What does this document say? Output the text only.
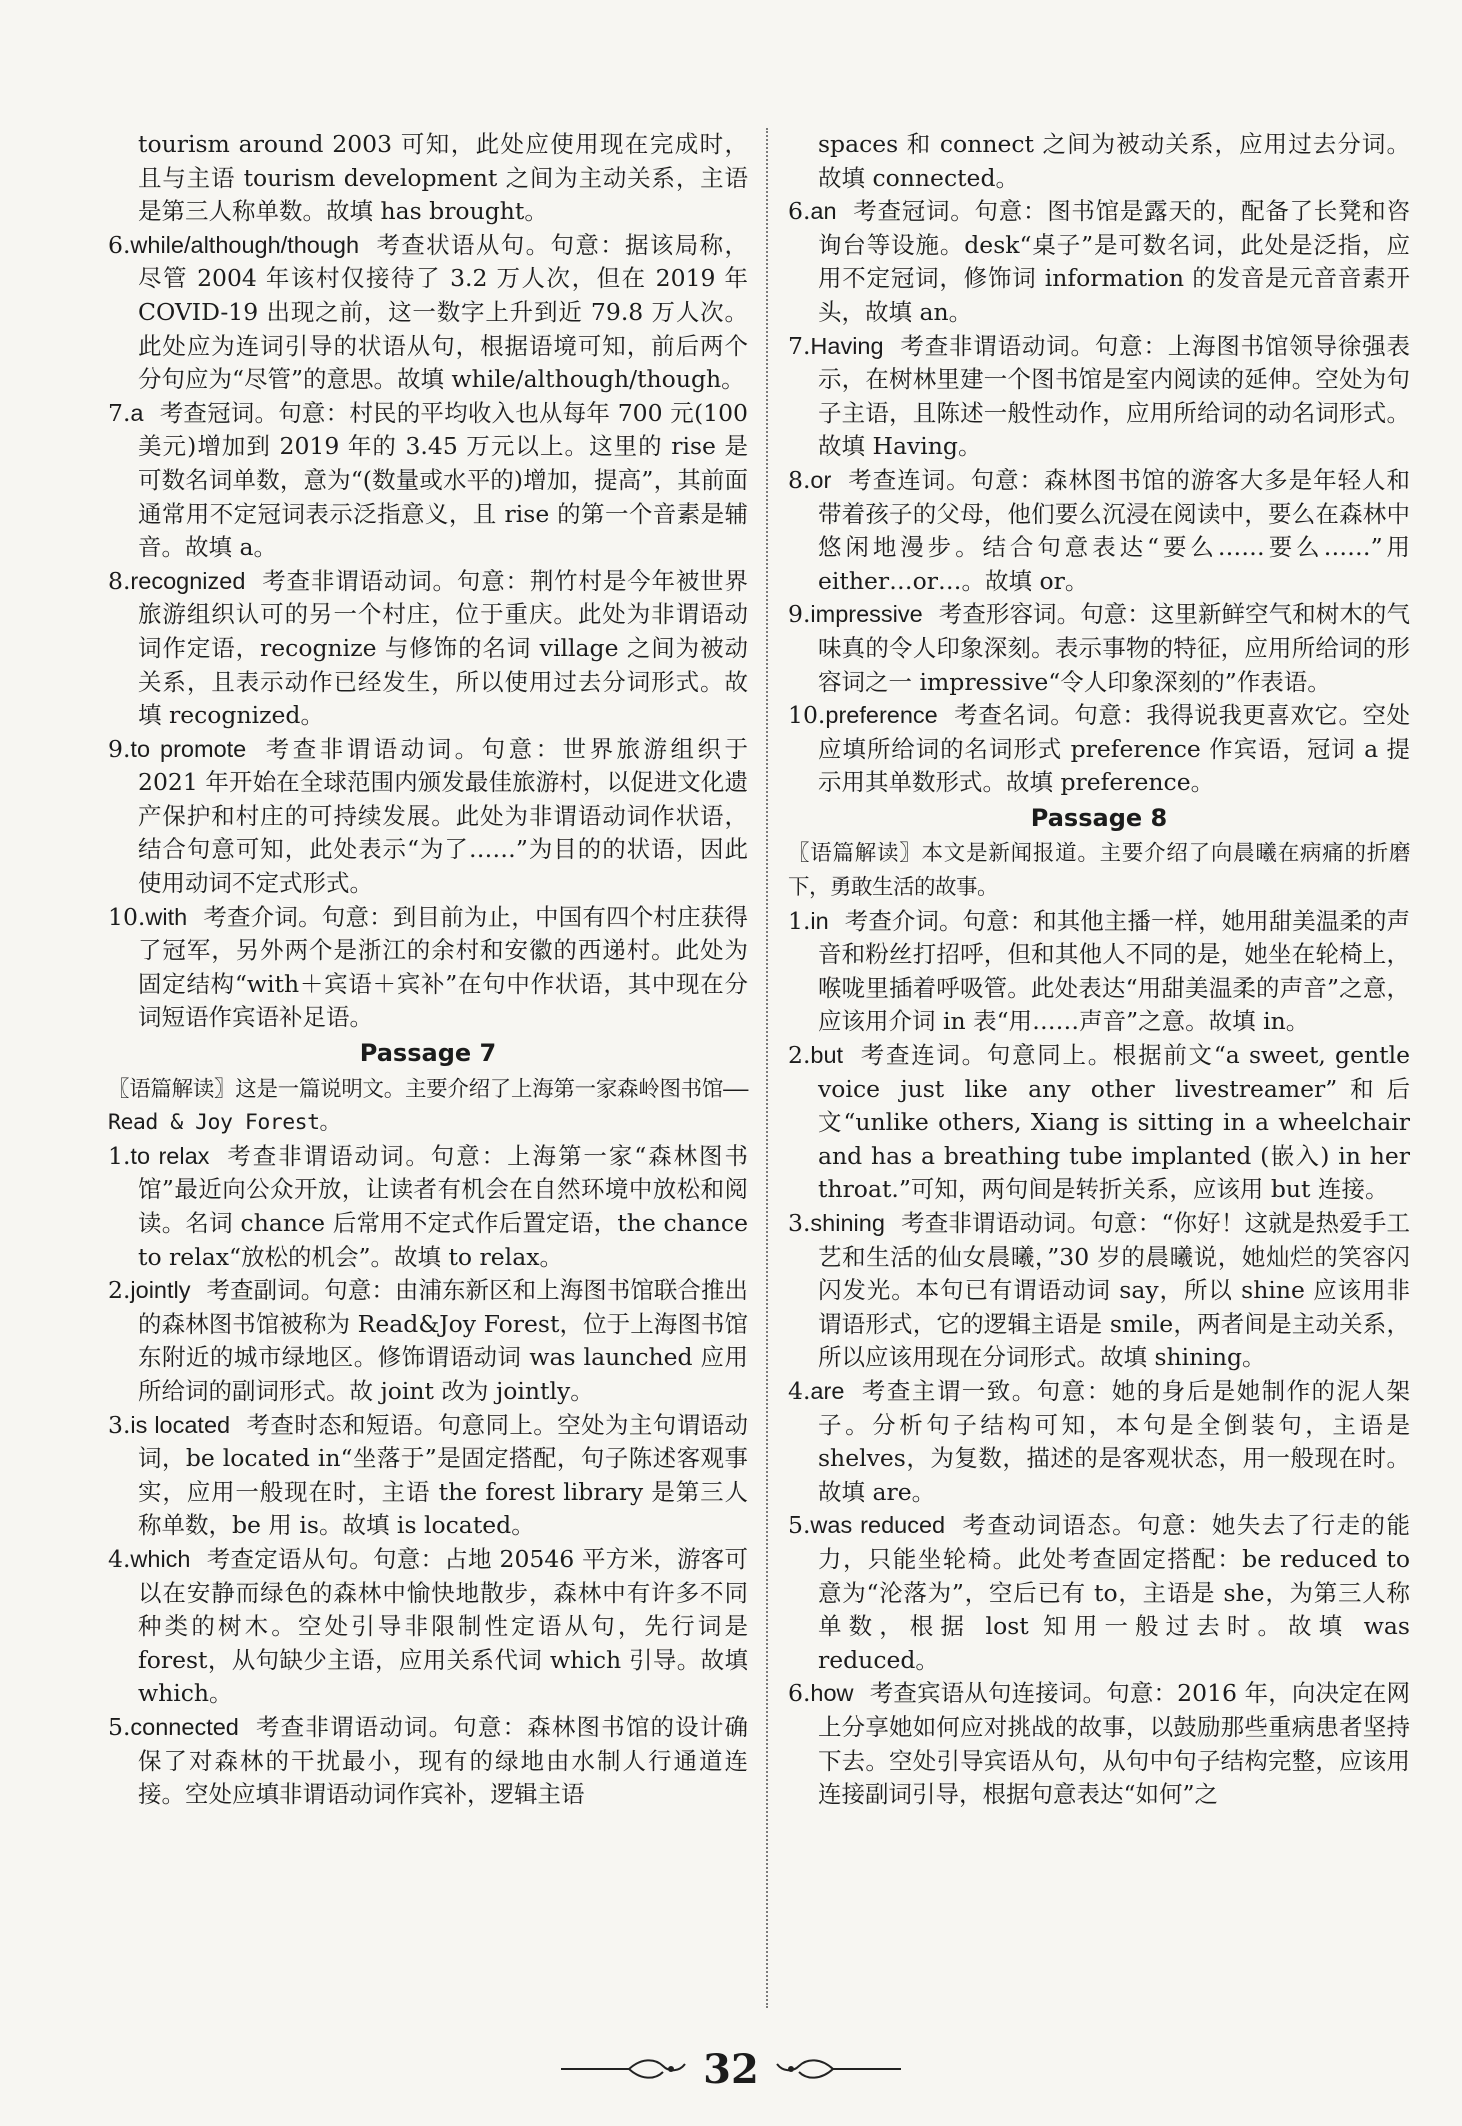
tourism around 2003 可知，此处应使用现在完成时，且与主语 tourism development 之间为主动关系，主语是第三人称单数。故填 has brought。

6.while/although/though 考查状语从句。句意：据该局称，尽管 2004 年该村仅接待了 3.2 万人次，但在 2019 年 COVID-19 出现之前，这一数字上升到近 79.8 万人次。此处应为连词引导的状语从句，根据语境可知，前后两个分句应为“尽管”的意思。故填 while/although/though。

7.a 考查冠词。句意：村民的平均收入也从每年 700 元(100 美元)增加到 2019 年的 3.45 万元以上。这里的 rise 是可数名词单数，意为“(数量或水平的)增加，提高”，其前面通常用不定冠词表示泛指意义，且 rise 的第一个音素是辅音。故填 a。

8.recognized 考查非谓语动词。句意：荆竹村是今年被世界旅游组织认可的另一个村庄，位于重庆。此处为非谓语动词作定语，recognize 与修饰的名词 village 之间为被动关系，且表示动作已经发生，所以使用过去分词形式。故填 recognized。

9.to promote 考查非谓语动词。句意：世界旅游组织于 2021 年开始在全球范围内颁发最佳旅游村，以促进文化遗产保护和村庄的可持续发展。此处为非谓语动词作状语，结合句意可知，此处表示“为了……”为目的的状语，因此使用动词不定式形式。

10.with 考查介词。句意：到目前为止，中国有四个村庄获得了冠军，另外两个是浙江的余村和安徽的西递村。此处为固定结构“with＋宾语＋宾补”在句中作状语，其中现在分词短语作宾语补足语。

Passage 7

〖语篇解读〗这是一篇说明文。主要介绍了上海第一家森岭图书馆——Read & Joy Forest。

1.to relax 考查非谓语动词。句意：上海第一家“森林图书馆”最近向公众开放，让读者有机会在自然环境中放松和阅读。名词 chance 后常用不定式作后置定语，the chance to relax“放松的机会”。故填 to relax。

2.jointly 考查副词。句意：由浦东新区和上海图书馆联合推出的森林图书馆被称为 Read&Joy Forest，位于上海图书馆东附近的城市绿地区。修饰谓语动词 was launched 应用所给词的副词形式。故 joint 改为 jointly。

3.is located 考查时态和短语。句意同上。空处为主句谓语动词，be located in“坐落于”是固定搭配，句子陈述客观事实，应用一般现在时，主语 the forest library 是第三人称单数，be 用 is。故填 is located。

4.which 考查定语从句。句意：占地 20546 平方米，游客可以在安静而绿色的森林中愉快地散步，森林中有许多不同种类的树木。空处引导非限制性定语从句，先行词是 forest，从句缺少主语，应用关系代词 which 引导。故填 which。

5.connected 考查非谓语动词。句意：森林图书馆的设计确保了对森林的干扰最小，现有的绿地由水制人行通道连接。空处应填非谓语动词作宾补，逻辑主语

spaces 和 connect 之间为被动关系，应用过去分词。故填 connected。

6.an 考查冠词。句意：图书馆是露天的，配备了长凳和咨询台等设施。desk“桌子”是可数名词，此处是泛指，应用不定冠词，修饰词 information 的发音是元音音素开头，故填 an。

7.Having 考查非谓语动词。句意：上海图书馆领导徐强表示，在树林里建一个图书馆是室内阅读的延伸。空处为句子主语，且陈述一般性动作，应用所给词的动名词形式。故填 Having。

8.or 考查连词。句意：森林图书馆的游客大多是年轻人和带着孩子的父母，他们要么沉浸在阅读中，要么在森林中悠闲地漫步。结合句意表达“要么……要么……”用 either…or…。故填 or。

9.impressive 考查形容词。句意：这里新鲜空气和树木的气味真的令人印象深刻。表示事物的特征，应用所给词的形容词之一 impressive“令人印象深刻的”作表语。

10.preference 考查名词。句意：我得说我更喜欢它。空处应填所给词的名词形式 preference 作宾语，冠词 a 提示用其单数形式。故填 preference。

Passage 8

〖语篇解读〗本文是新闻报道。主要介绍了向晨曦在病痛的折磨下，勇敢生活的故事。

1.in 考查介词。句意：和其他主播一样，她用甜美温柔的声音和粉丝打招呼，但和其他人不同的是，她坐在轮椅上，喉咙里插着呼吸管。此处表达“用甜美温柔的声音”之意，应该用介词 in 表“用……声音”之意。故填 in。

2.but 考查连词。句意同上。根据前文“a sweet, gentle voice just like any other livestreamer”和后文“unlike others, Xiang is sitting in a wheelchair and has a breathing tube implanted (嵌入) in her throat.”可知，两句间是转折关系，应该用 but 连接。

3.shining 考查非谓语动词。句意：“你好！这就是热爱手工艺和生活的仙女晨曦，”30 岁的晨曦说，她灿烂的笑容闪闪发光。本句已有谓语动词 say，所以 shine 应该用非谓语形式，它的逻辑主语是 smile，两者间是主动关系，所以应该用现在分词形式。故填 shining。

4.are 考查主谓一致。句意：她的身后是她制作的泥人架子。分析句子结构可知，本句是全倒装句，主语是 shelves，为复数，描述的是客观状态，用一般现在时。故填 are。

5.was reduced 考查动词语态。句意：她失去了行走的能力，只能坐轮椅。此处考查固定搭配：be reduced to 意为“沦落为”，空后已有 to，主语是 she，为第三人称单数，根据 lost 知用一般过去时。故填 was reduced。

6.how 考查宾语从句连接词。句意：2016 年，向决定在网上分享她如何应对挑战的故事，以鼓励那些重病患者坚持下去。空处引导宾语从句，从句中句子结构完整，应该用连接副词引导，根据句意表达“如何”之

32
